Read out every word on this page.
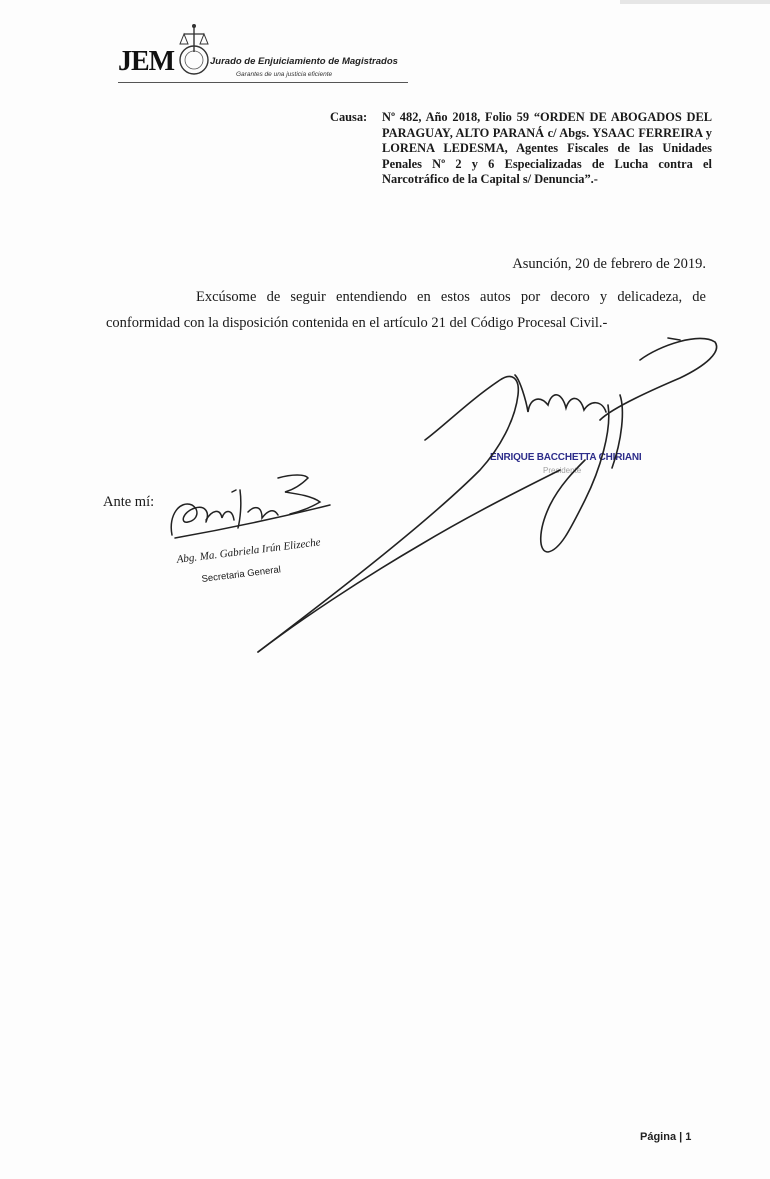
JEM	Jurado de Enjuiciamiento de Magistrados
Garantes de una justicia eficiente
Causa: Nº 482, Año 2018, Folio 59 “ORDEN DE ABOGADOS DEL PARAGUAY, ALTO PARANÁ c/ Abgs. YSAAC FERREIRA y LORENA LEDESMA, Agentes Fiscales de las Unidades Penales Nº 2 y 6 Especializadas de Lucha contra el Narcotráfico de la Capital s/ Denuncia”.-
Asunción, 20 de febrero de 2019.
Excúsome de seguir entendiendo en estos autos por decoro y delicadeza, de conformidad con la disposición contenida en el artículo 21 del Código Procesal Civil.-
Ante mí:
ENRIQUE BACCHETTA CHIRIANI
Presidente
Abg. Ma. Gabriela Irún Elizeche
Secretaria General
Página | 1
